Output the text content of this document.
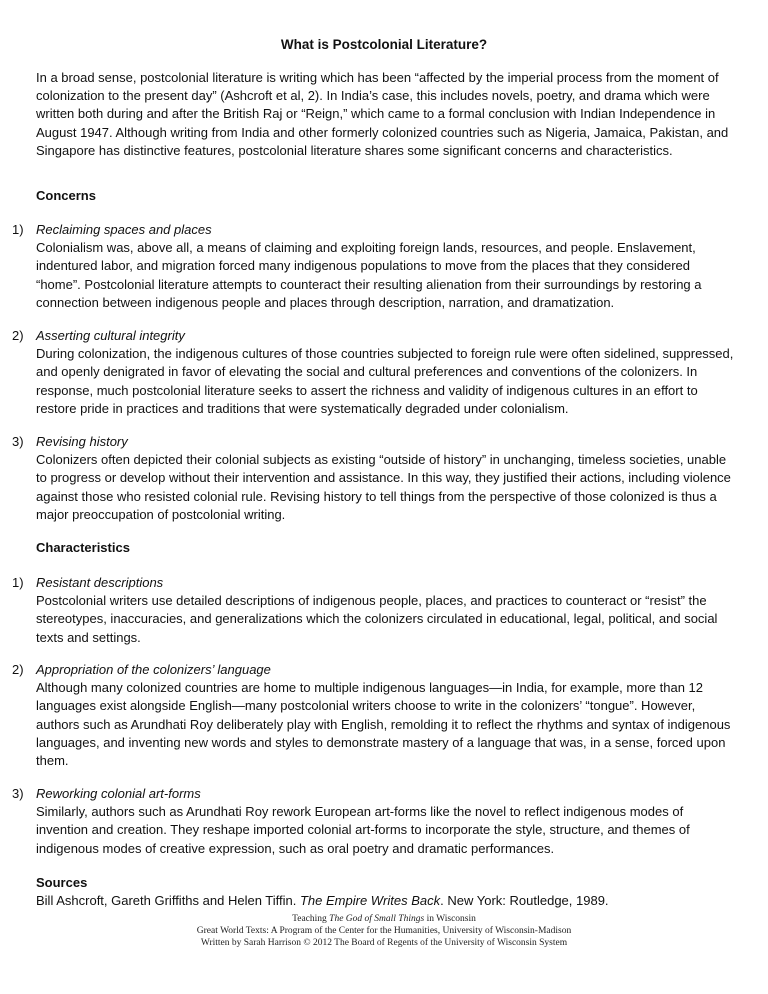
What is Postcolonial Literature?
In a broad sense, postcolonial literature is writing which has been “affected by the imperial process from the moment of colonization to the present day” (Ashcroft et al, 2). In India’s case, this includes novels, poetry, and drama which were written both during and after the British Raj or “Reign,” which came to a formal conclusion with Indian Independence in August 1947. Although writing from India and other formerly colonized countries such as Nigeria, Jamaica, Pakistan, and Singapore has distinctive features, postcolonial literature shares some significant concerns and characteristics.
Concerns
1) Reclaiming spaces and places
Colonialism was, above all, a means of claiming and exploiting foreign lands, resources, and people. Enslavement, indentured labor, and migration forced many indigenous populations to move from the places that they considered “home”. Postcolonial literature attempts to counteract their resulting alienation from their surroundings by restoring a connection between indigenous people and places through description, narration, and dramatization.
2) Asserting cultural integrity
During colonization, the indigenous cultures of those countries subjected to foreign rule were often sidelined, suppressed, and openly denigrated in favor of elevating the social and cultural preferences and conventions of the colonizers. In response, much postcolonial literature seeks to assert the richness and validity of indigenous cultures in an effort to restore pride in practices and traditions that were systematically degraded under colonialism.
3) Revising history
Colonizers often depicted their colonial subjects as existing “outside of history” in unchanging, timeless societies, unable to progress or develop without their intervention and assistance. In this way, they justified their actions, including violence against those who resisted colonial rule. Revising history to tell things from the perspective of those colonized is thus a major preoccupation of postcolonial writing.
Characteristics
1) Resistant descriptions
Postcolonial writers use detailed descriptions of indigenous people, places, and practices to counteract or “resist” the stereotypes, inaccuracies, and generalizations which the colonizers circulated in educational, legal, political, and social texts and settings.
2) Appropriation of the colonizers’ language
Although many colonized countries are home to multiple indigenous languages—in India, for example, more than 12 languages exist alongside English—many postcolonial writers choose to write in the colonizers’ “tongue”. However, authors such as Arundhati Roy deliberately play with English, remolding it to reflect the rhythms and syntax of indigenous languages, and inventing new words and styles to demonstrate mastery of a language that was, in a sense, forced upon them.
3) Reworking colonial art-forms
Similarly, authors such as Arundhati Roy rework European art-forms like the novel to reflect indigenous modes of invention and creation. They reshape imported colonial art-forms to incorporate the style, structure, and themes of indigenous modes of creative expression, such as oral poetry and dramatic performances.
Sources
Bill Ashcroft, Gareth Griffiths and Helen Tiffin. The Empire Writes Back. New York: Routledge, 1989.
Teaching The God of Small Things in Wisconsin
Great World Texts: A Program of the Center for the Humanities, University of Wisconsin-Madison
Written by Sarah Harrison © 2012 The Board of Regents of the University of Wisconsin System
